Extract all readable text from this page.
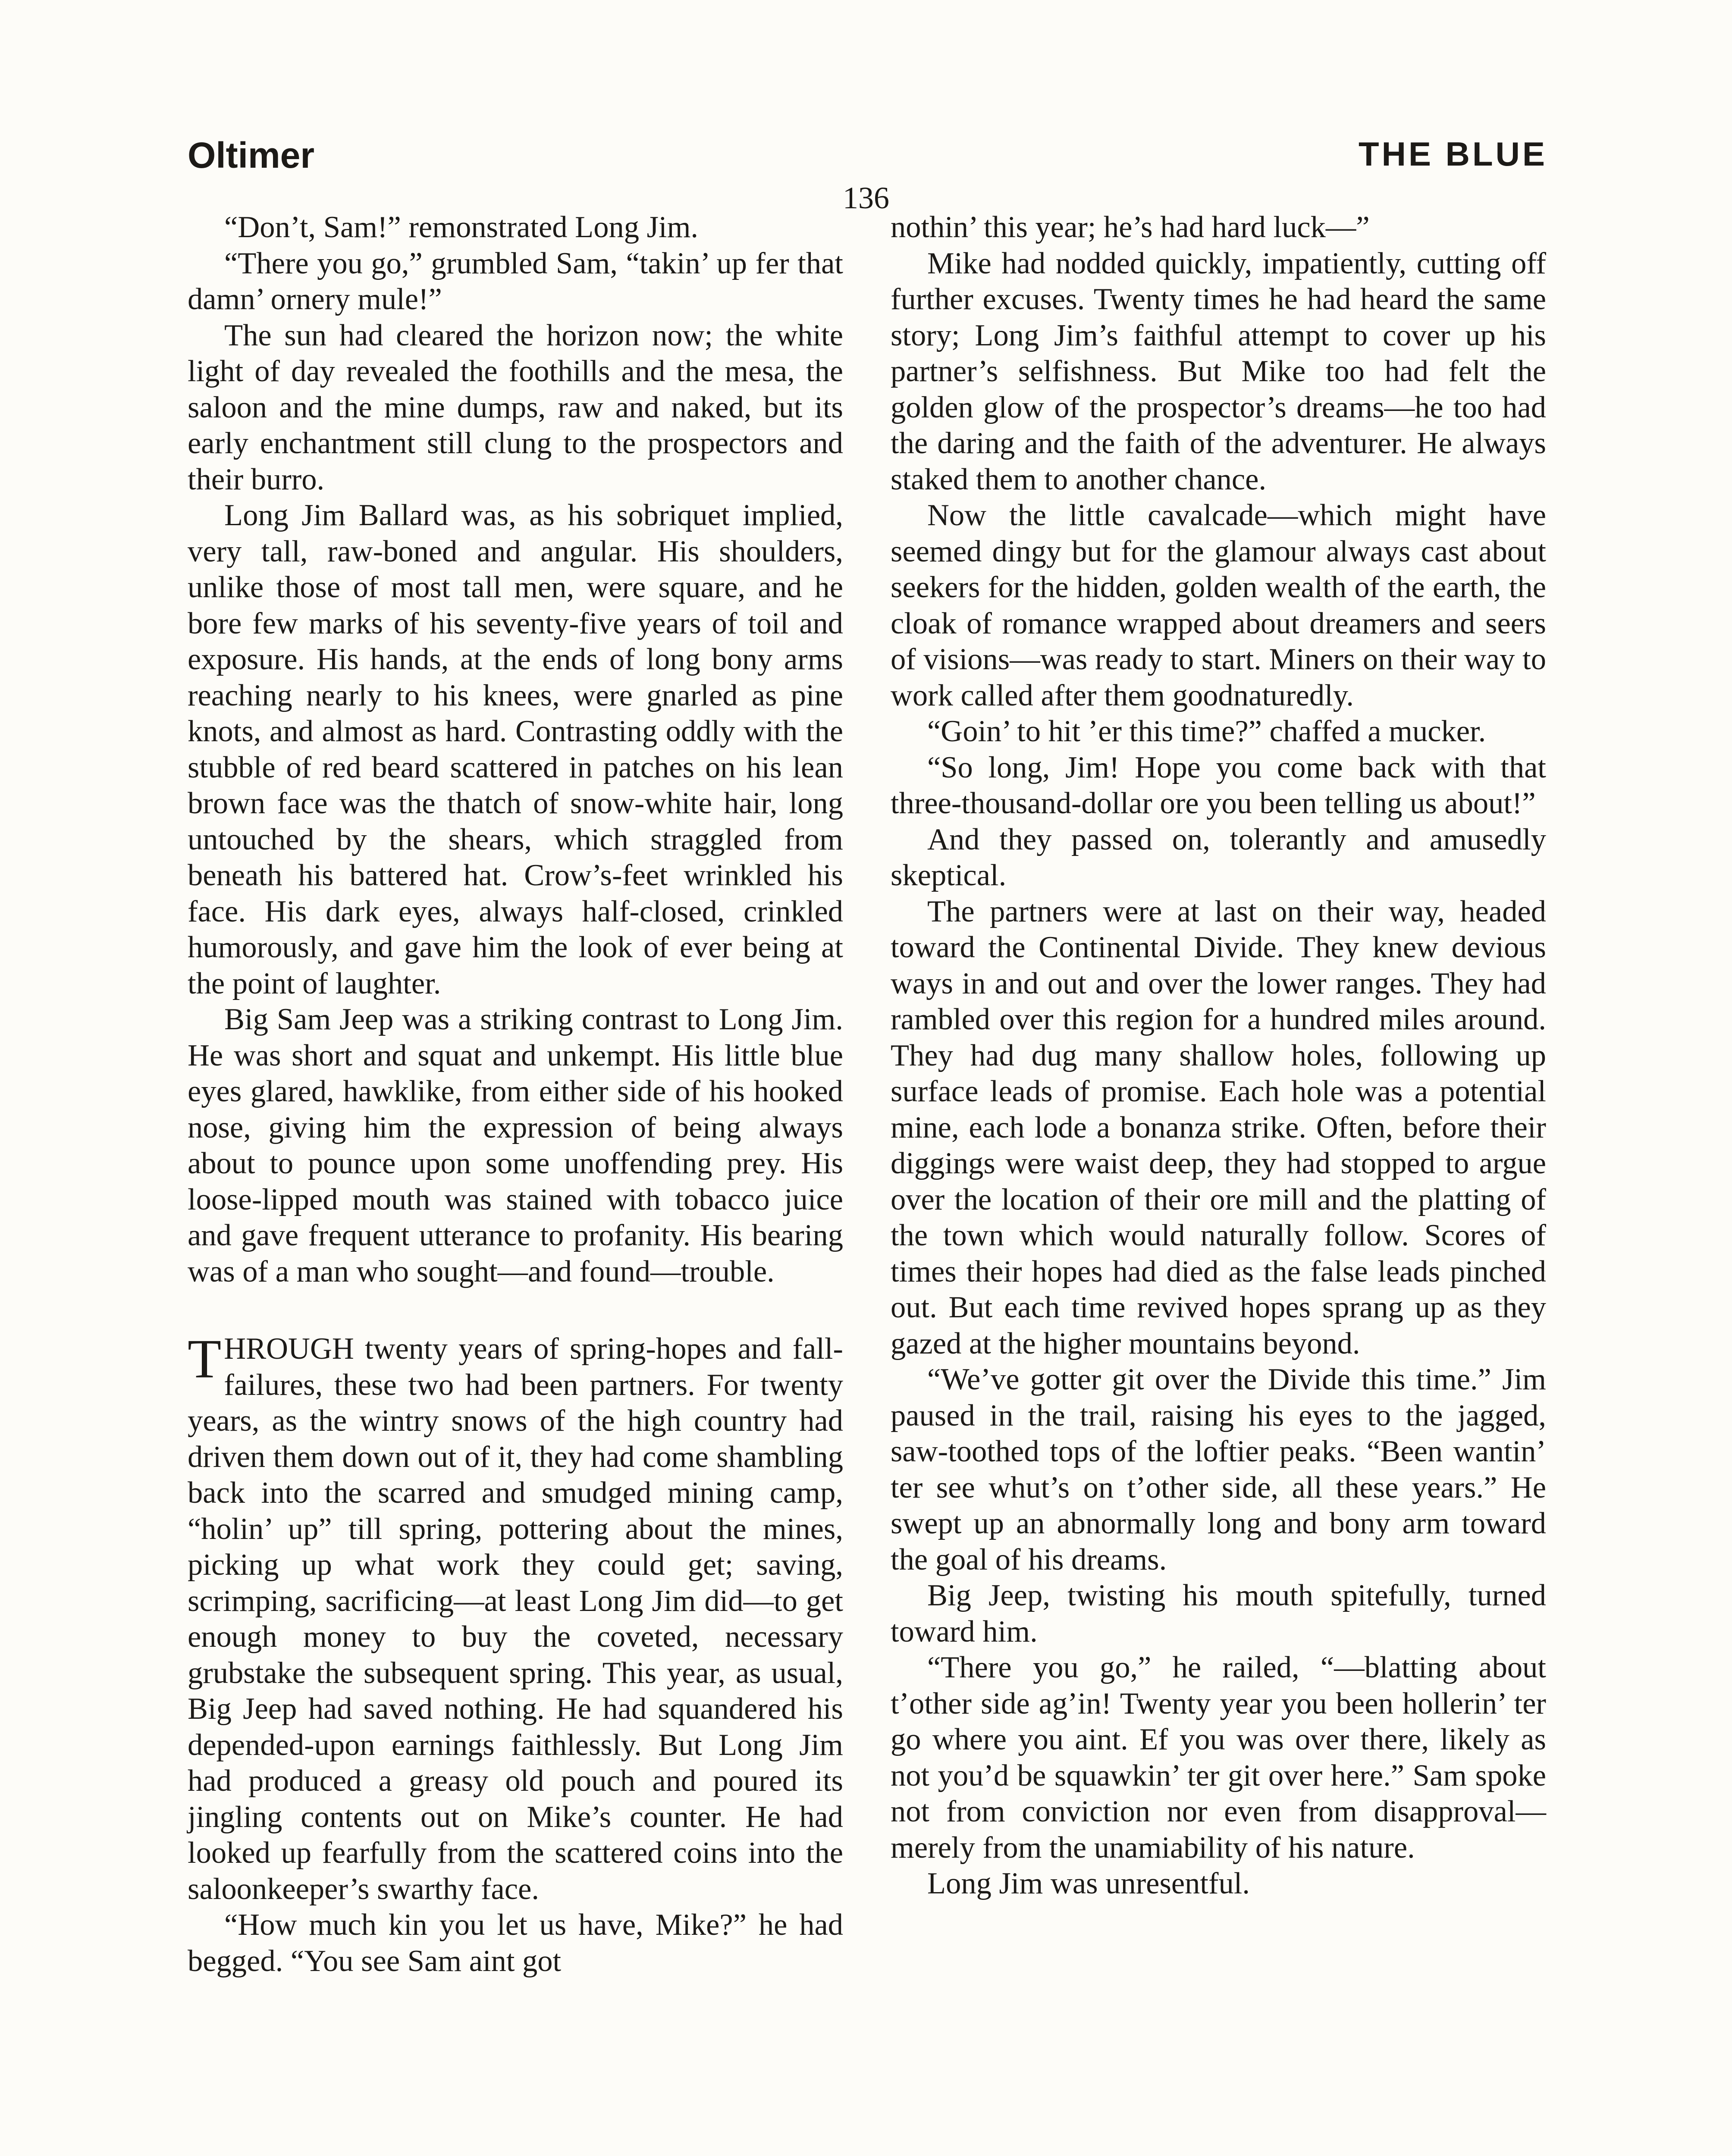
Oltimer	THE BLUE
136

“Don’t, Sam!” remonstrated Long Jim.

“There you go,” grumbled Sam, “takin’ up fer that damn’ ornery mule!”

The sun had cleared the horizon now; the white light of day revealed the foothills and the mesa, the saloon and the mine dumps, raw and naked, but its early enchantment still clung to the prospectors and their burro.

Long Jim Ballard was, as his sobriquet implied, very tall, raw-boned and angular. His shoulders, unlike those of most tall men, were square, and he bore few marks of his seventy-five years of toil and exposure. His hands, at the ends of long bony arms reaching nearly to his knees, were gnarled as pine knots, and almost as hard. Contrasting oddly with the stubble of red beard scattered in patches on his lean brown face was the thatch of snow-white hair, long untouched by the shears, which straggled from beneath his battered hat. Crow’s-feet wrinkled his face. His dark eyes, always half-closed, crinkled humorously, and gave him the look of ever being at the point of laughter.

Big Sam Jeep was a striking contrast to Long Jim. He was short and squat and unkempt. His little blue eyes glared, hawklike, from either side of his hooked nose, giving him the expression of being always about to pounce upon some unoffending prey. His loose-lipped mouth was stained with tobacco juice and gave frequent utterance to profanity. His bearing was of a man who sought—and found—trouble.

THROUGH twenty years of spring-hopes and fall-failures, these two had been partners. For twenty years, as the wintry snows of the high country had driven them down out of it, they had come shambling back into the scarred and smudged mining camp, “holin’ up” till spring, pottering about the mines, picking up what work they could get; saving, scrimping, sacrificing—at least Long Jim did—to get enough money to buy the coveted, necessary grubstake the subsequent spring. This year, as usual, Big Jeep had saved nothing. He had squandered his depended-upon earnings faithlessly. But Long Jim had produced a greasy old pouch and poured its jingling contents out on Mike’s counter. He had looked up fearfully from the scattered coins into the saloonkeeper’s swarthy face.

“How much kin you let us have, Mike?” he had begged. “You see Sam aint got

nothin’ this year; he’s had hard luck—”

Mike had nodded quickly, impatiently, cutting off further excuses. Twenty times he had heard the same story; Long Jim’s faithful attempt to cover up his partner’s selfishness. But Mike too had felt the golden glow of the prospector’s dreams—he too had the daring and the faith of the adventurer. He always staked them to another chance.

Now the little cavalcade—which might have seemed dingy but for the glamour always cast about seekers for the hidden, golden wealth of the earth, the cloak of romance wrapped about dreamers and seers of visions—was ready to start. Miners on their way to work called after them goodnaturedly.

“Goin’ to hit ’er this time?” chaffed a mucker.

“So long, Jim! Hope you come back with that three-thousand-dollar ore you been telling us about!”

And they passed on, tolerantly and amusedly skeptical.

The partners were at last on their way, headed toward the Continental Divide. They knew devious ways in and out and over the lower ranges. They had rambled over this region for a hundred miles around. They had dug many shallow holes, following up surface leads of promise. Each hole was a potential mine, each lode a bonanza strike. Often, before their diggings were waist deep, they had stopped to argue over the location of their ore mill and the platting of the town which would naturally follow. Scores of times their hopes had died as the false leads pinched out. But each time revived hopes sprang up as they gazed at the higher mountains beyond.

“We’ve gotter git over the Divide this time.” Jim paused in the trail, raising his eyes to the jagged, saw-toothed tops of the loftier peaks. “Been wantin’ ter see whut’s on t’other side, all these years.” He swept up an abnormally long and bony arm toward the goal of his dreams.

Big Jeep, twisting his mouth spitefully, turned toward him.

“There you go,” he railed, “—blatting about t’other side ag’in! Twenty year you been hollerin’ ter go where you aint. Ef you was over there, likely as not you’d be squawkin’ ter git over here.” Sam spoke not from conviction nor even from disapproval—merely from the unamiability of his nature.

Long Jim was unresentful.
